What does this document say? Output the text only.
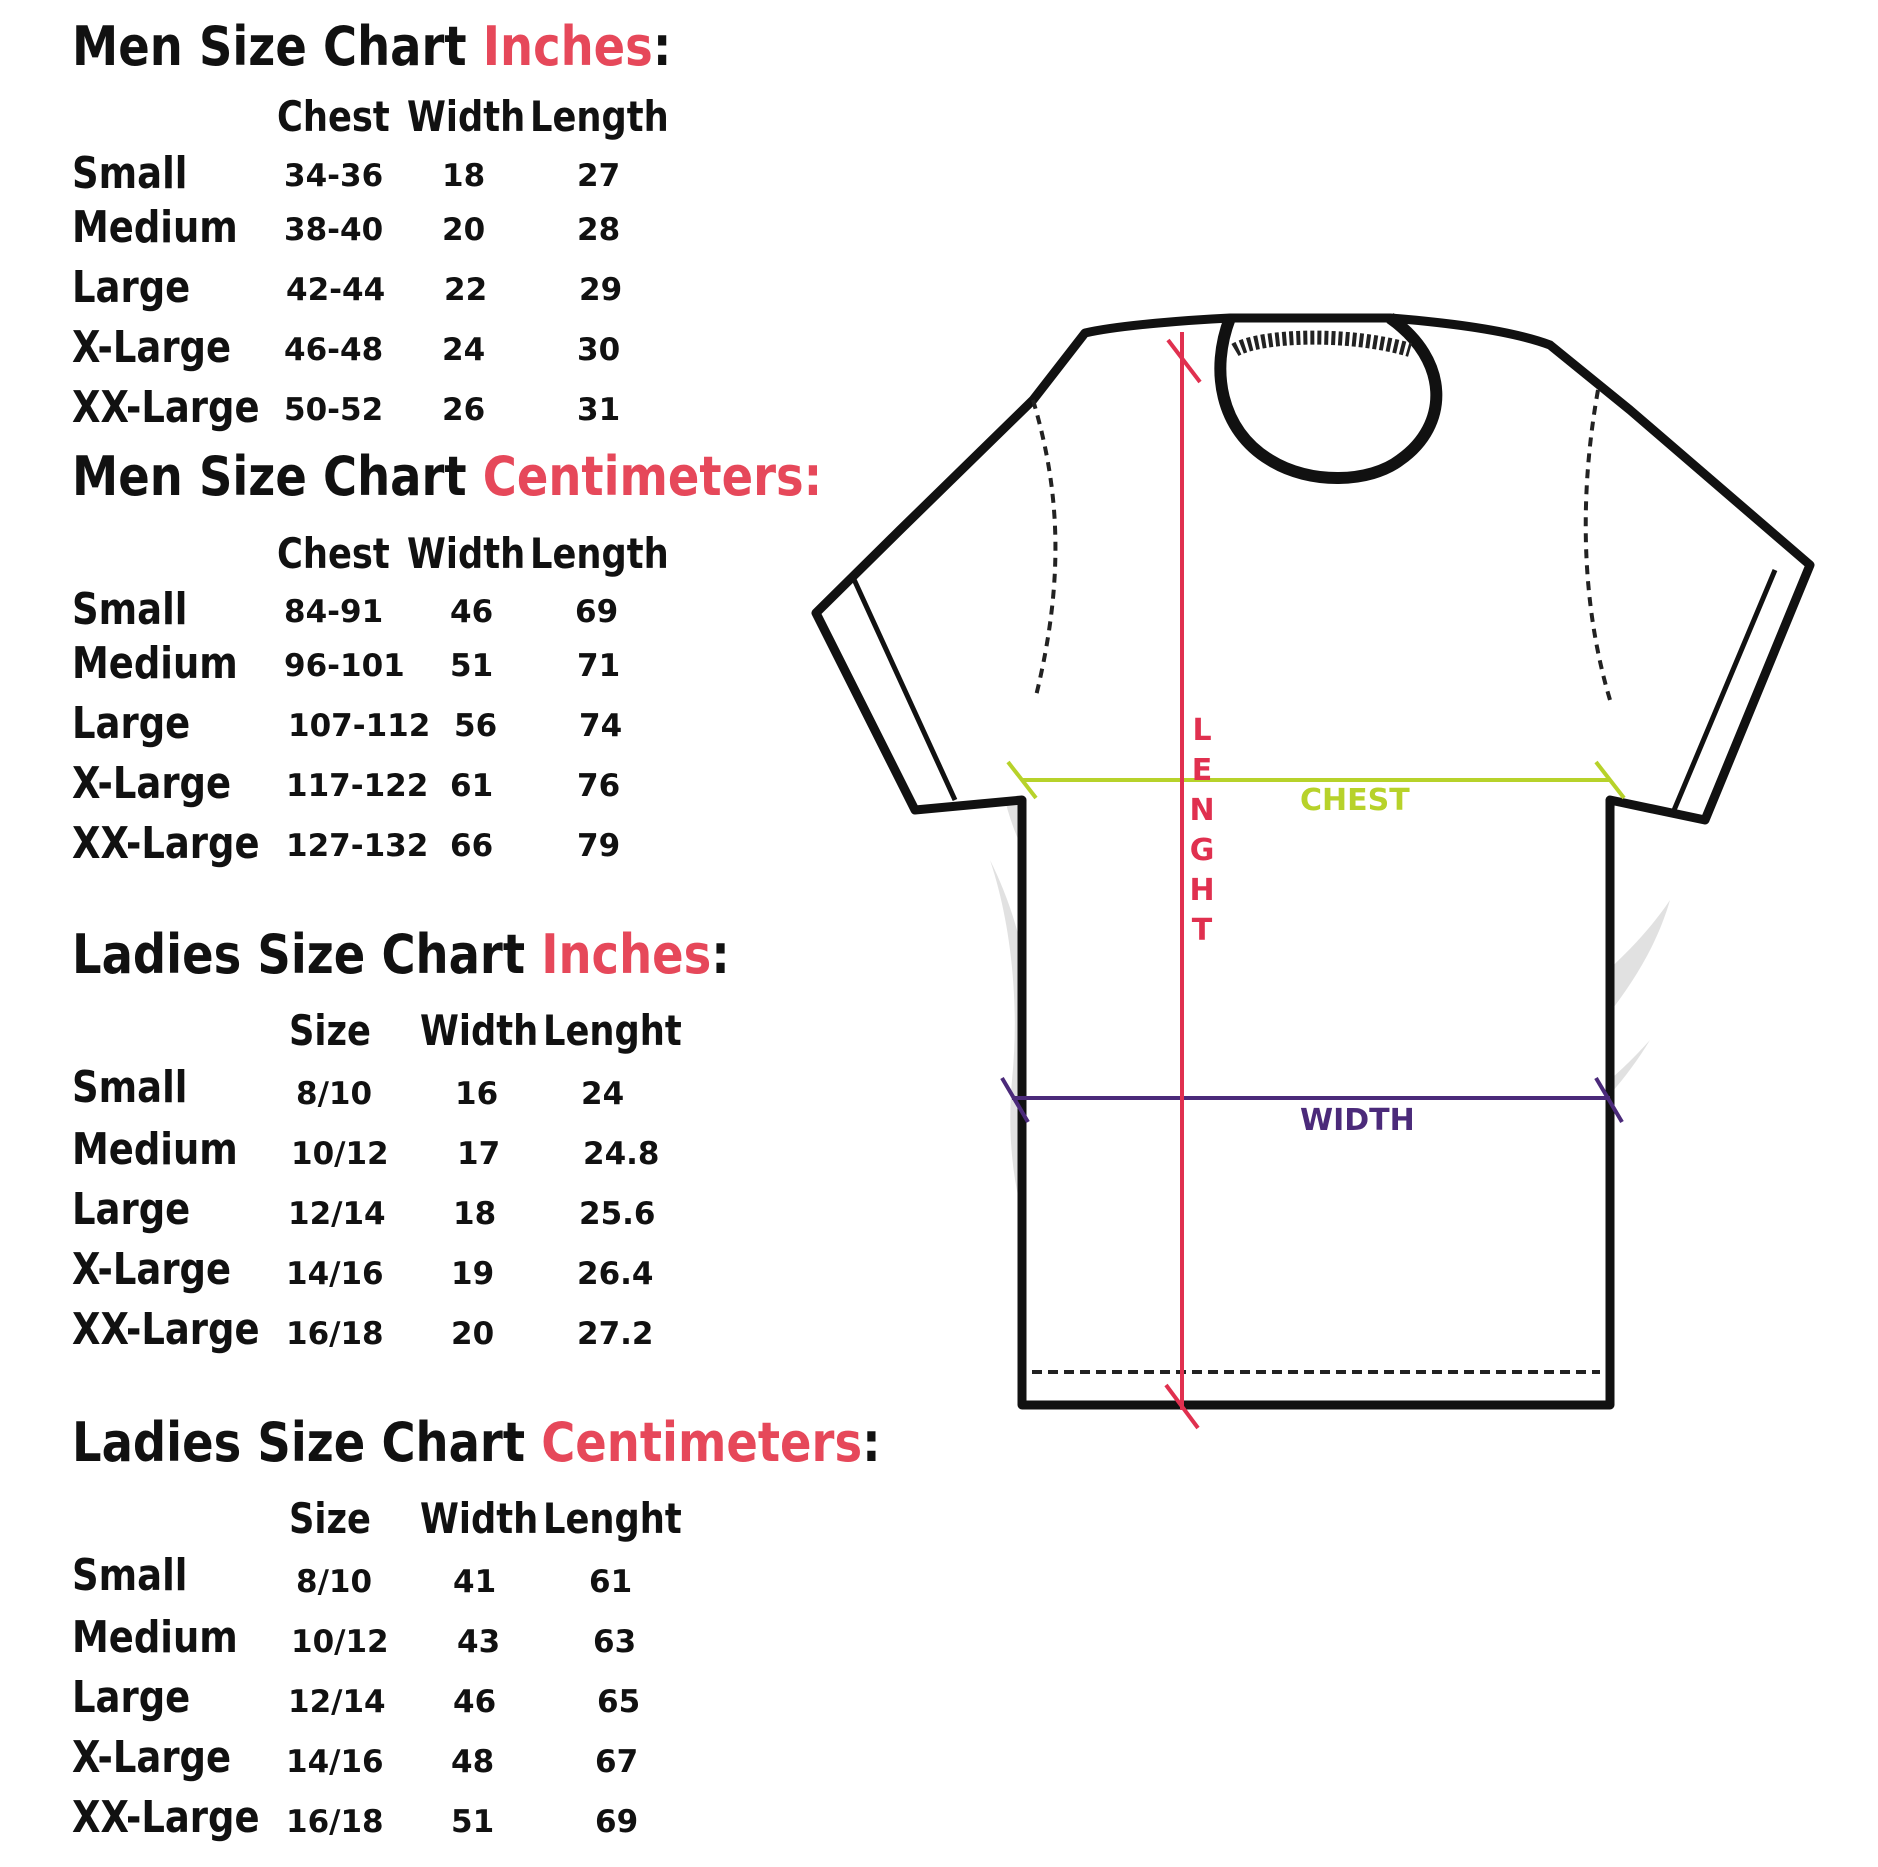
Men Size Chart Inches:
Chest Width Length
Small	34-36 18	27
Medium 38-40 20	28
Large	42-44 22	29
X-Large 46-48 24	30
XX-Large 50-52 26	31
Men Size Chart Centimeters:
Chest Width Length
Small	84-91 46	69
Medium 96-101 51	71
Large	107-112 56	74
X-Large 117-122 61	76
XX-Large 127-132 66	79
Ladies Size Chart Inches:
Size Width Lenght
Small	8/10	16	24
Medium 10/12 17	24.8
Large	12/14 18	25.6
X-Large 14/16 19	26.4
XX-Large 16/18 20	27.2
Ladies Size Chart Centimeters:
Size Width Lenght
Small	8/10	41	61
Medium 10/12 43	63
Large	12/14 46	65
X-Large 14/16 48	67
XX-Large 16/18 51	69
CHEST
WIDTH
L E N G H T
